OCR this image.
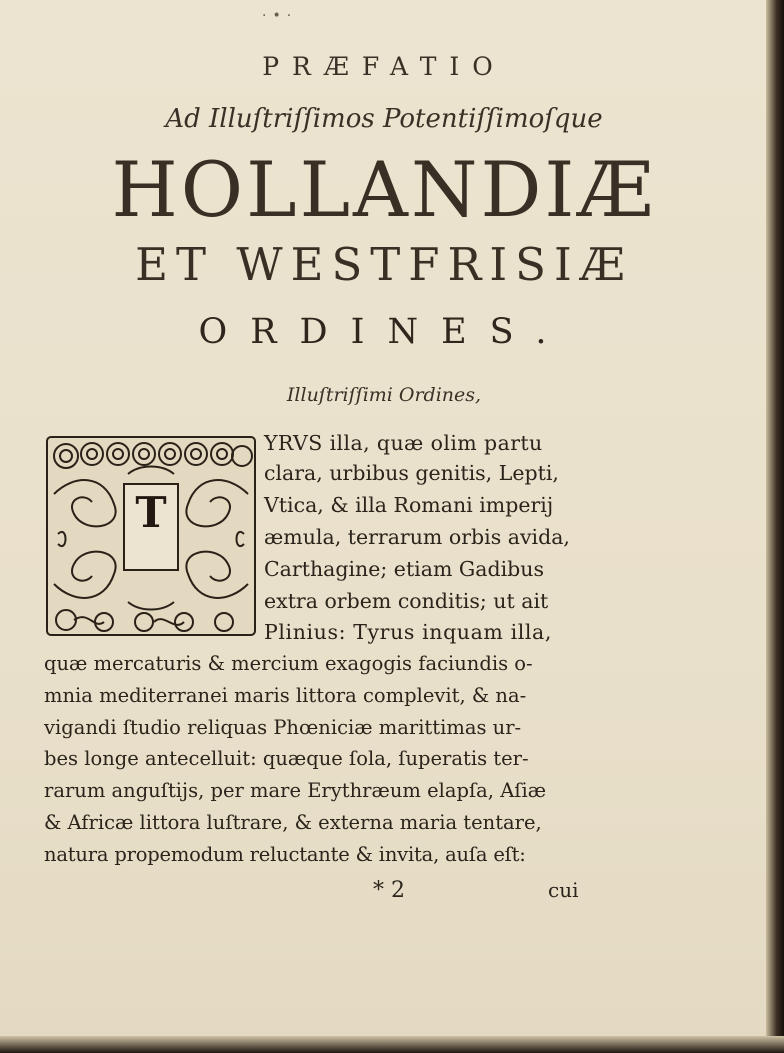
·•·
PRÆFATIO
Ad Illuſtriſſimos Potentiſſimoſque
HOLLANDIÆ
ET WESTFRISIÆ
ORDINES.
Illuſtriſſimi Ordines,
T
YRVS illa, quæ olim partu
clara, urbibus genitis, Lepti,
Vtica, & illa Romani imperij
æmula, terrarum orbis avida,
Carthagine; etiam Gadibus
extra orbem conditis; ut ait
Plinius: Tyrus inquam illa,
quæ mercaturis & mercium exagogis faciundis o-
mnia mediterranei maris littora complevit, & na-
vigandi ſtudio reliquas Phœniciæ marittimas ur-
bes longe antecelluit: quæque ſola, ſuperatis ter-
rarum anguſtijs, per mare Erythræum elapſa, Aſiæ
& Africæ littora luſtrare, & externa maria tentare,
natura propemodum reluctante & invita, auſa eſt:
* 2	cui
